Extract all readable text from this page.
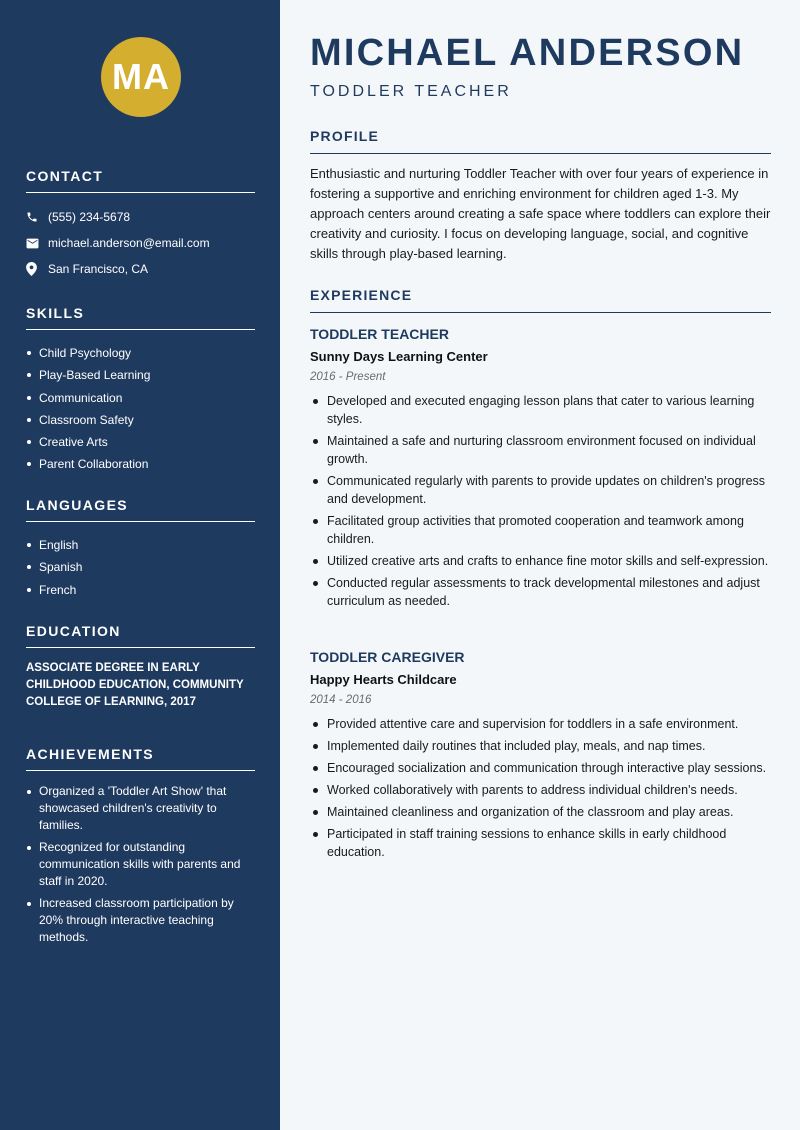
MA
CONTACT
(555) 234-5678
michael.anderson@email.com
San Francisco, CA
SKILLS
Child Psychology
Play-Based Learning
Communication
Classroom Safety
Creative Arts
Parent Collaboration
LANGUAGES
English
Spanish
French
EDUCATION
ASSOCIATE DEGREE IN EARLY CHILDHOOD EDUCATION, COMMUNITY COLLEGE OF LEARNING, 2017
ACHIEVEMENTS
Organized a 'Toddler Art Show' that showcased children's creativity to families.
Recognized for outstanding communication skills with parents and staff in 2020.
Increased classroom participation by 20% through interactive teaching methods.
MICHAEL ANDERSON
TODDLER TEACHER
PROFILE
Enthusiastic and nurturing Toddler Teacher with over four years of experience in fostering a supportive and enriching environment for children aged 1-3. My approach centers around creating a safe space where toddlers can explore their creativity and curiosity. I focus on developing language, social, and cognitive skills through play-based learning.
EXPERIENCE
TODDLER TEACHER
Sunny Days Learning Center
2016 - Present
Developed and executed engaging lesson plans that cater to various learning styles.
Maintained a safe and nurturing classroom environment focused on individual growth.
Communicated regularly with parents to provide updates on children's progress and development.
Facilitated group activities that promoted cooperation and teamwork among children.
Utilized creative arts and crafts to enhance fine motor skills and self-expression.
Conducted regular assessments to track developmental milestones and adjust curriculum as needed.
TODDLER CAREGIVER
Happy Hearts Childcare
2014 - 2016
Provided attentive care and supervision for toddlers in a safe environment.
Implemented daily routines that included play, meals, and nap times.
Encouraged socialization and communication through interactive play sessions.
Worked collaboratively with parents to address individual children's needs.
Maintained cleanliness and organization of the classroom and play areas.
Participated in staff training sessions to enhance skills in early childhood education.
